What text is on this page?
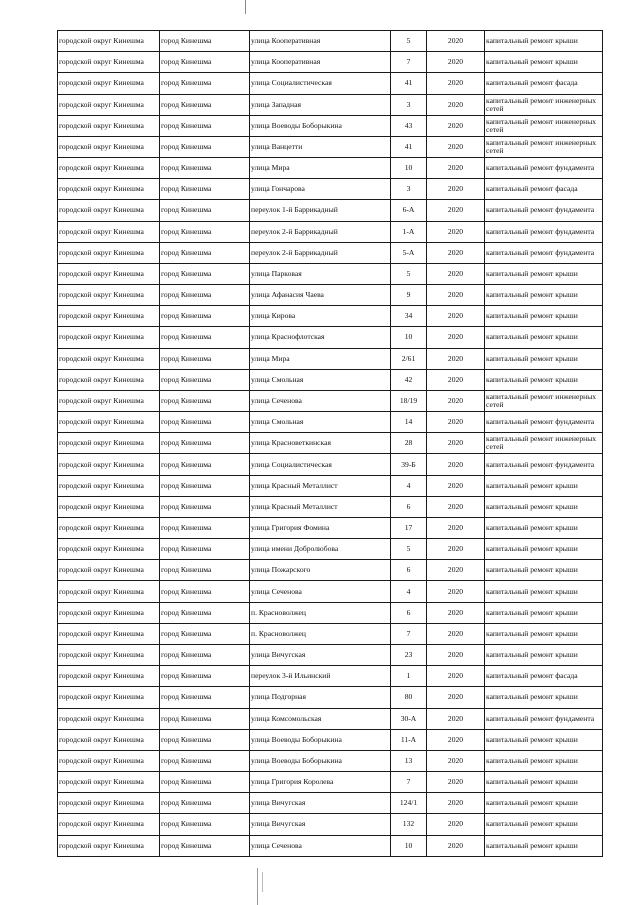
городской округ Кинешма	город Кинешма	улица Кооперативная	5	2020	капитальный ремонт крыши
городской округ Кинешма	город Кинешма	улица Кооперативная	7	2020	капитальный ремонт крыши
городской округ Кинешма	город Кинешма	улица Социалистическая	41	2020	капитальный ремонт фасада
городской округ Кинешма	город Кинешма	улица Западная	3	2020	капитальный ремонт инженерных сетей
городской округ Кинешма	город Кинешма	улица Воеводы Боборыкина	43	2020	капитальный ремонт инженерных сетей
городской округ Кинешма	город Кинешма	улица Ванцетти	41	2020	капитальный ремонт инженерных сетей
городской округ Кинешма	город Кинешма	улица Мира	10	2020	капитальный ремонт фундамента
городской округ Кинешма	город Кинешма	улица Гончарова	3	2020	капитальный ремонт фасада
городской округ Кинешма	город Кинешма	переулок 1-й Баррикадный	6-А	2020	капитальный ремонт фундамента
городской округ Кинешма	город Кинешма	переулок 2-й Баррикадный	1-А	2020	капитальный ремонт фундамента
городской округ Кинешма	город Кинешма	переулок 2-й Баррикадный	5-А	2020	капитальный ремонт фундамента
городской округ Кинешма	город Кинешма	улица Парковая	5	2020	капитальный ремонт крыши
городской округ Кинешма	город Кинешма	улица Афанасия Чаева	9	2020	капитальный ремонт крыши
городской округ Кинешма	город Кинешма	улица Кирова	34	2020	капитальный ремонт крыши
городской округ Кинешма	город Кинешма	улица Краснофлотская	10	2020	капитальный ремонт крыши
городской округ Кинешма	город Кинешма	улица Мира	2/61	2020	капитальный ремонт крыши
городской округ Кинешма	город Кинешма	улица Смольная	42	2020	капитальный ремонт крыши
городской округ Кинешма	город Кинешма	улица Сеченова	18/19	2020	капитальный ремонт инженерных сетей
городской округ Кинешма	город Кинешма	улица Смольная	14	2020	капитальный ремонт фундамента
городской округ Кинешма	город Кинешма	улица Красноветкинская	28	2020	капитальный ремонт инженерных сетей
городской округ Кинешма	город Кинешма	улица Социалистическая	39-Б	2020	капитальный ремонт фундамента
городской округ Кинешма	город Кинешма	улица Красный Металлист	4	2020	капитальный ремонт крыши
городской округ Кинешма	город Кинешма	улица Красный Металлист	6	2020	капитальный ремонт крыши
городской округ Кинешма	город Кинешма	улица Григория Фомина	17	2020	капитальный ремонт крыши
городской округ Кинешма	город Кинешма	улица имени Добролюбова	5	2020	капитальный ремонт крыши
городской округ Кинешма	город Кинешма	улица Пожарского	6	2020	капитальный ремонт крыши
городской округ Кинешма	город Кинешма	улица Сеченова	4	2020	капитальный ремонт крыши
городской округ Кинешма	город Кинешма	п. Красноволжец	6	2020	капитальный ремонт крыши
городской округ Кинешма	город Кинешма	п. Красноволжец	7	2020	капитальный ремонт крыши
городской округ Кинешма	город Кинешма	улица Вичугская	23	2020	капитальный ремонт крыши
городской округ Кинешма	город Кинешма	переулок 3-й Ильинский	1	2020	капитальный ремонт фасада
городской округ Кинешма	город Кинешма	улица Подгорная	80	2020	капитальный ремонт крыши
городской округ Кинешма	город Кинешма	улица Комсомольская	30-А	2020	капитальный ремонт фундамента
городской округ Кинешма	город Кинешма	улица Воеводы Боборыкина	11-А	2020	капитальный ремонт крыши
городской округ Кинешма	город Кинешма	улица Воеводы Боборыкина	13	2020	капитальный ремонт крыши
городской округ Кинешма	город Кинешма	улица Григория Королева	7	2020	капитальный ремонт крыши
городской округ Кинешма	город Кинешма	улица Вичугская	124/1	2020	капитальный ремонт крыши
городской округ Кинешма	город Кинешма	улица Вичугская	132	2020	капитальный ремонт крыши
городской округ Кинешма	город Кинешма	улица Сеченова	10	2020	капитальный ремонт крыши
